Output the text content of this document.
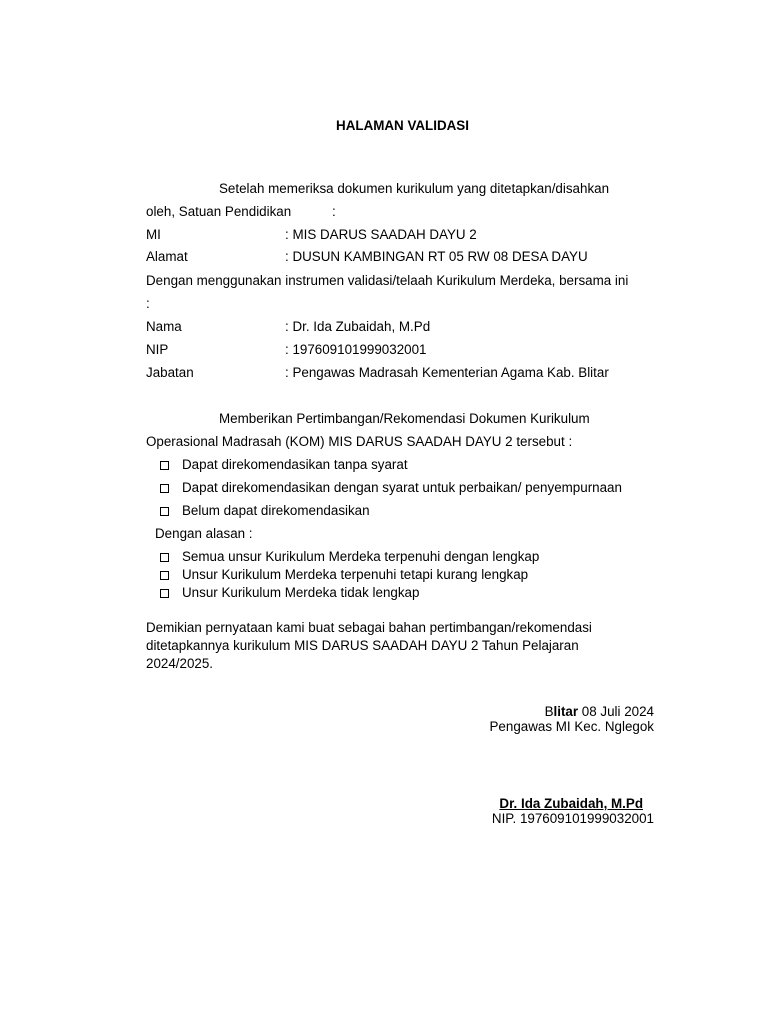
HALAMAN VALIDASI
Setelah memeriksa dokumen kurikulum yang ditetapkan/disahkan
oleh, Satuan Pendidikan	:
MI	: MIS DARUS SAADAH DAYU 2
Alamat	: DUSUN KAMBINGAN RT 05 RW 08 DESA DAYU
Dengan menggunakan instrumen validasi/telaah Kurikulum Merdeka, bersama ini
:
Nama	: Dr. Ida Zubaidah, M.Pd
NIP	: 197609101999032001
Jabatan	: Pengawas Madrasah Kementerian Agama Kab. Blitar
Memberikan Pertimbangan/Rekomendasi Dokumen Kurikulum
Operasional Madrasah (KOM) MIS DARUS SAADAH DAYU 2 tersebut :
Dapat direkomendasikan tanpa syarat
Dapat direkomendasikan dengan syarat untuk perbaikan/ penyempurnaan
Belum dapat direkomendasikan
Dengan alasan :
Semua unsur Kurikulum Merdeka terpenuhi dengan lengkap
Unsur Kurikulum Merdeka terpenuhi tetapi kurang lengkap
Unsur Kurikulum Merdeka tidak lengkap
Demikian pernyataan kami buat sebagai bahan pertimbangan/rekomendasi
ditetapkannya kurikulum MIS DARUS SAADAH DAYU 2 Tahun Pelajaran
2024/2025.
Blitar 08 Juli 2024
Pengawas MI Kec. Nglegok
Dr. Ida Zubaidah, M.Pd
NIP. 197609101999032001
